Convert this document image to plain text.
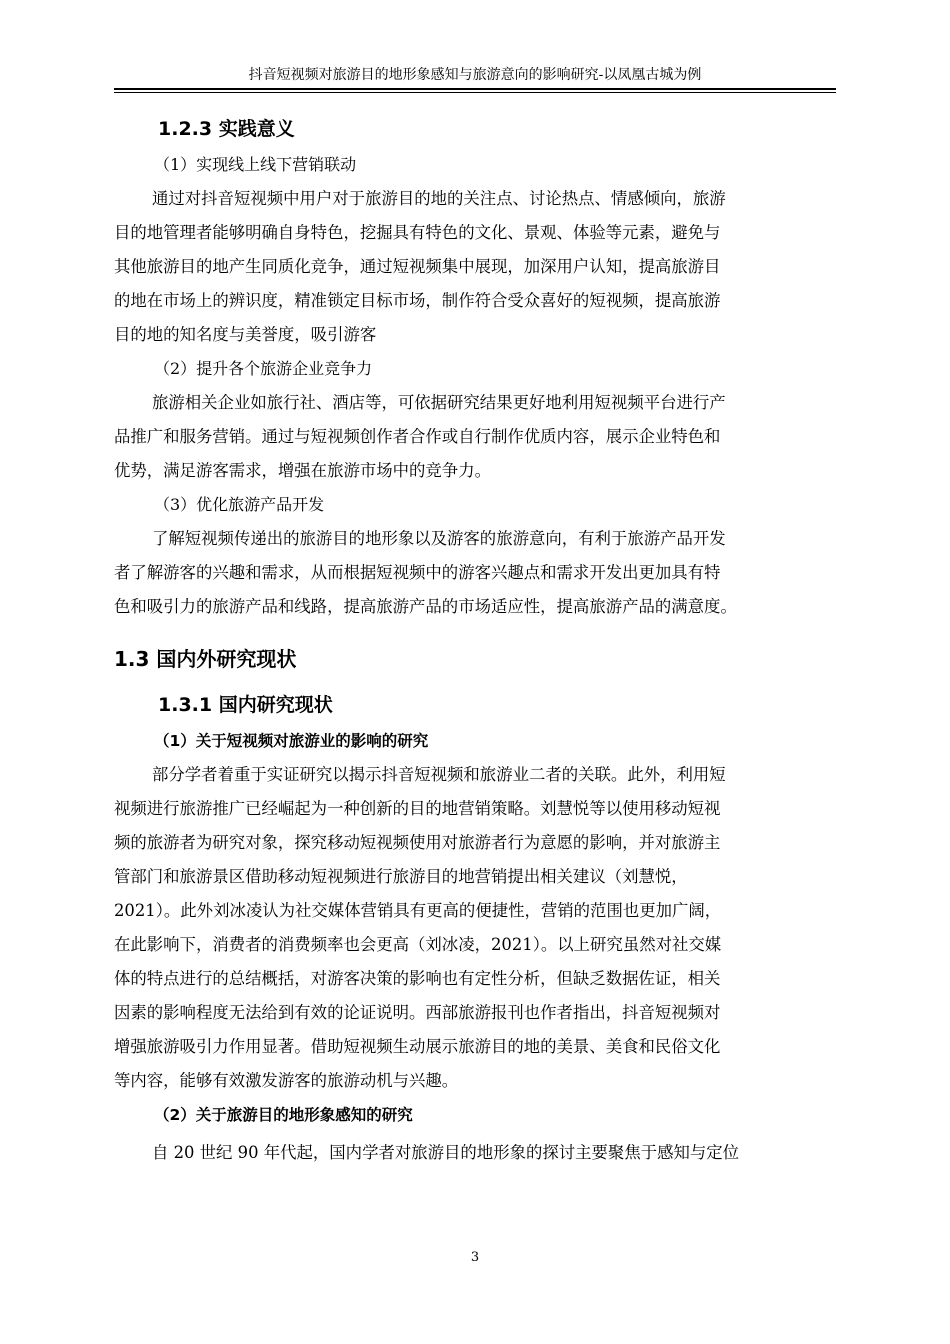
抖音短视频对旅游目的地形象感知与旅游意向的影响研究-以凤凰古城为例
1.2.3 实践意义

（1）实现线上线下营销联动

通过对抖音短视频中用户对于旅游目的地的关注点、讨论热点、情感倾向，旅游
目的地管理者能够明确自身特色，挖掘具有特色的文化、景观、体验等元素，避免与
其他旅游目的地产生同质化竞争，通过短视频集中展现，加深用户认知，提高旅游目
的地在市场上的辨识度，精准锁定目标市场，制作符合受众喜好的短视频，提高旅游
目的地的知名度与美誉度，吸引游客

（2）提升各个旅游企业竞争力

旅游相关企业如旅行社、酒店等，可依据研究结果更好地利用短视频平台进行产
品推广和服务营销。通过与短视频创作者合作或自行制作优质内容，展示企业特色和
优势，满足游客需求，增强在旅游市场中的竞争力。

（3）优化旅游产品开发

了解短视频传递出的旅游目的地形象以及游客的旅游意向，有利于旅游产品开发
者了解游客的兴趣和需求，从而根据短视频中的游客兴趣点和需求开发出更加具有特
色和吸引力的旅游产品和线路，提高旅游产品的市场适应性，提高旅游产品的满意度。

1.3 国内外研究现状
1.3.1 国内研究现状

（1）关于短视频对旅游业的影响的研究

部分学者着重于实证研究以揭示抖音短视频和旅游业二者的关联。此外，利用短
视频进行旅游推广已经崛起为一种创新的目的地营销策略。刘慧悦等以使用移动短视
频的旅游者为研究对象，探究移动短视频使用对旅游者行为意愿的影响，并对旅游主
管部门和旅游景区借助移动短视频进行旅游目的地营销提出相关建议（刘慧悦，
2021）。此外刘冰凌认为社交媒体营销具有更高的便捷性，营销的范围也更加广阔，
在此影响下，消费者的消费频率也会更高（刘冰凌，2021）。以上研究虽然对社交媒
体的特点进行的总结概括，对游客决策的影响也有定性分析，但缺乏数据佐证，相关
因素的影响程度无法给到有效的论证说明。西部旅游报刊也作者指出，抖音短视频对
增强旅游吸引力作用显著。借助短视频生动展示旅游目的地的美景、美食和民俗文化
等内容，能够有效激发游客的旅游动机与兴趣。

（2）关于旅游目的地形象感知的研究

自 20 世纪 90 年代起，国内学者对旅游目的地形象的探讨主要聚焦于感知与定位

3
